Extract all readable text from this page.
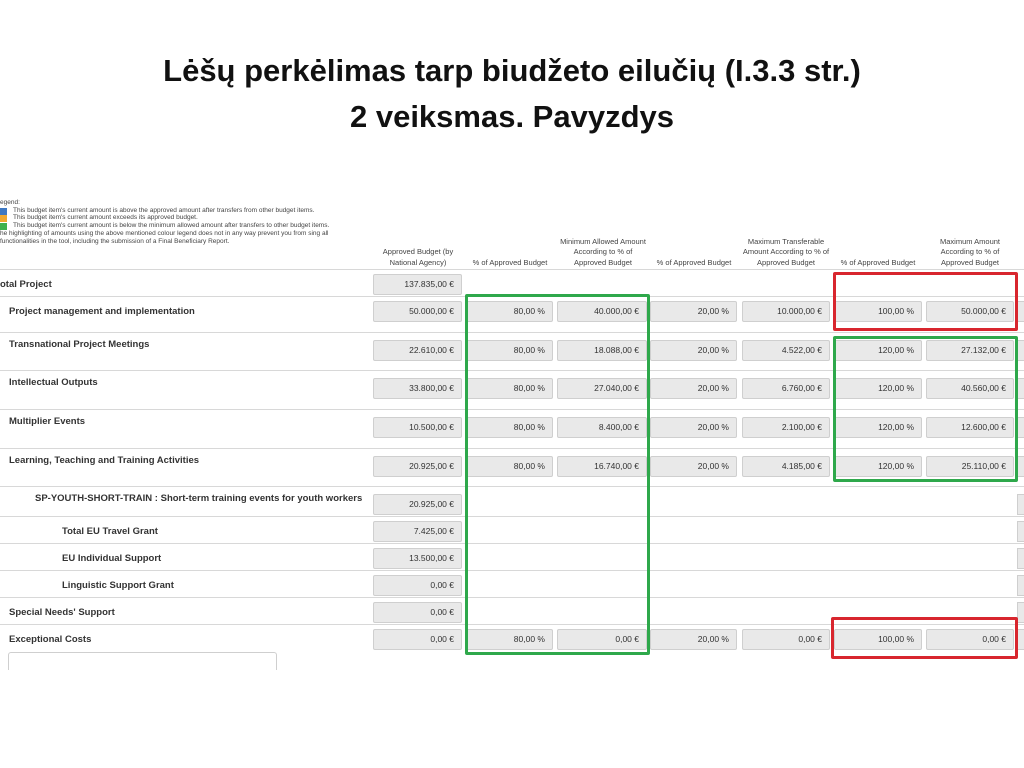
Lėšų perkėlimas tarp biudžeto eilučių (I.3.3 str.)
2 veiksmas. Pavyzdys
egend:
This budget item's current amount is above the approved amount after transfers from other budget items.
This budget item's current amount exceeds its approved budget.
This budget item's current amount is below the minimum allowed amount after transfers to other budget items.
he highlighting of amounts using the above mentioned colour legend does not in any way prevent you from sing all functionalities in the tool, including the submission of a Final Beneficiary Report.
Approved Budget (by National Agency)	% of Approved Budget
Minimum Allowed Amount According to % of Approved Budget	% of Approved Budget
Maximum Transferable Amount According to % of Approved Budget	% of Approved Budget
Maximum Amount According to % of Approved Budget
otal Project	137.835,00 €
Project management and implementation	50.000,00 €	80,00 %	40.000,00 €	20,00 %	10.000,00 €	100,00 %	50.000,00 €
Transnational Project Meetings	22.610,00 €	80,00 %	18.088,00 €	20,00 %	4.522,00 €	120,00 %	27.132,00 €
Intellectual Outputs	33.800,00 €	80,00 %	27.040,00 €	20,00 %	6.760,00 €	120,00 %	40.560,00 €
Multiplier Events	10.500,00 €	80,00 %	8.400,00 €	20,00 %	2.100,00 €	120,00 %	12.600,00 €
Learning, Teaching and Training Activities	20.925,00 €	80,00 %	16.740,00 €	20,00 %	4.185,00 €	120,00 %	25.110,00 €
SP-YOUTH-SHORT-TRAIN : Short-term training events for youth workers	20.925,00 €
Total EU Travel Grant	7.425,00 €
EU Individual Support	13.500,00 €
Linguistic Support Grant	0,00 €
Special Needs' Support	0,00 €
Exceptional Costs	0,00 €	80,00 %	0,00 €	20,00 %	0,00 €	100,00 %	0,00 €
